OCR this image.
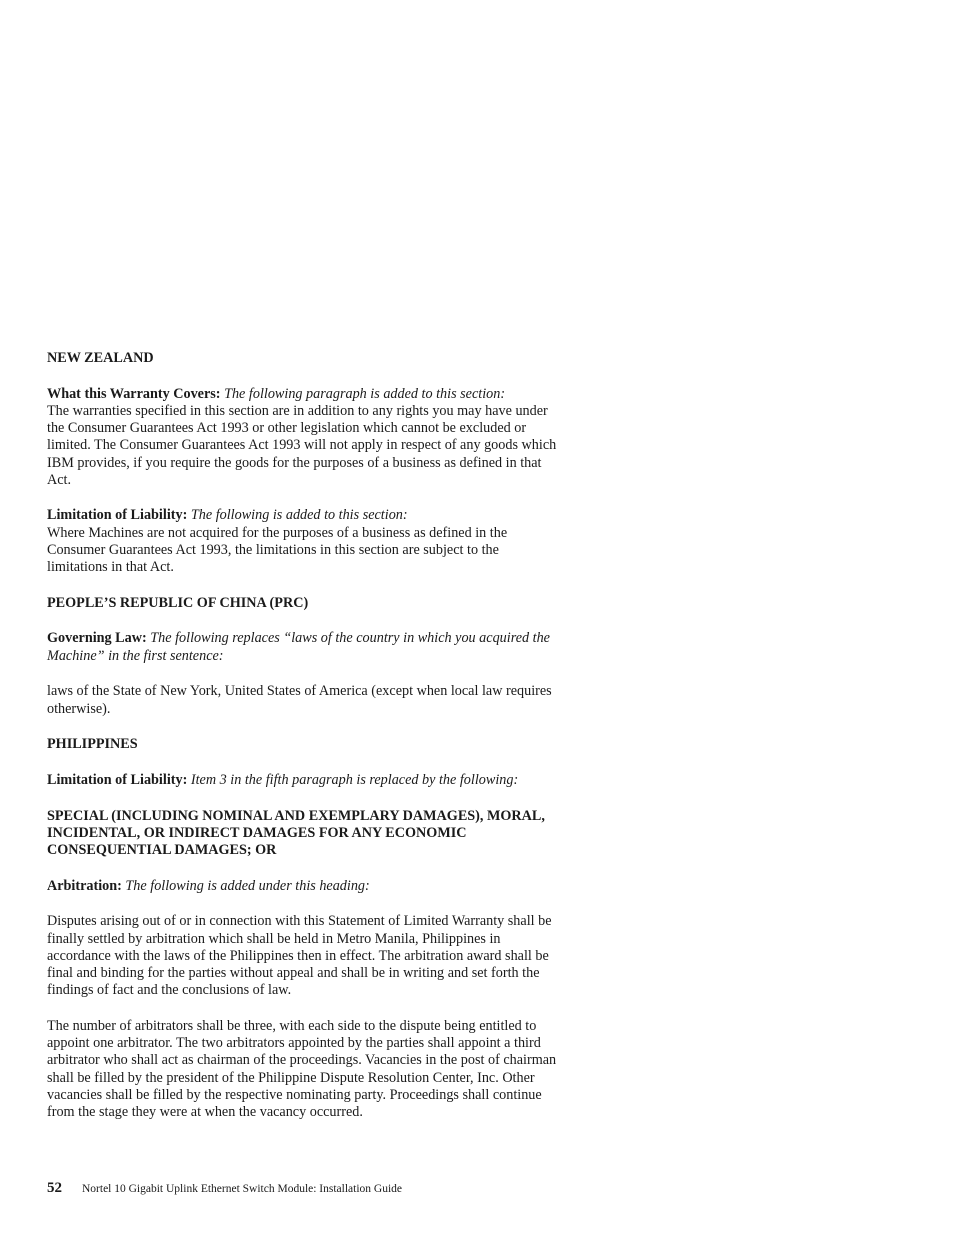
NEW ZEALAND

What this Warranty Covers: The following paragraph is added to this section:
The warranties specified in this section are in addition to any rights you may have under the Consumer Guarantees Act 1993 or other legislation which cannot be excluded or limited. The Consumer Guarantees Act 1993 will not apply in respect of any goods which IBM provides, if you require the goods for the purposes of a business as defined in that Act.

Limitation of Liability: The following is added to this section:
Where Machines are not acquired for the purposes of a business as defined in the Consumer Guarantees Act 1993, the limitations in this section are subject to the limitations in that Act.

PEOPLE’S REPUBLIC OF CHINA (PRC)

Governing Law: The following replaces “laws of the country in which you acquired the Machine” in the first sentence:

laws of the State of New York, United States of America (except when local law requires otherwise).

PHILIPPINES

Limitation of Liability: Item 3 in the fifth paragraph is replaced by the following:

SPECIAL (INCLUDING NOMINAL AND EXEMPLARY DAMAGES), MORAL, INCIDENTAL, OR INDIRECT DAMAGES FOR ANY ECONOMIC CONSEQUENTIAL DAMAGES; OR

Arbitration: The following is added under this heading:

Disputes arising out of or in connection with this Statement of Limited Warranty shall be finally settled by arbitration which shall be held in Metro Manila, Philippines in accordance with the laws of the Philippines then in effect. The arbitration award shall be final and binding for the parties without appeal and shall be in writing and set forth the findings of fact and the conclusions of law.

The number of arbitrators shall be three, with each side to the dispute being entitled to appoint one arbitrator. The two arbitrators appointed by the parties shall appoint a third arbitrator who shall act as chairman of the proceedings. Vacancies in the post of chairman shall be filled by the president of the Philippine Dispute Resolution Center, Inc. Other vacancies shall be filled by the respective nominating party. Proceedings shall continue from the stage they were at when the vacancy occurred.

52 Nortel 10 Gigabit Uplink Ethernet Switch Module: Installation Guide
